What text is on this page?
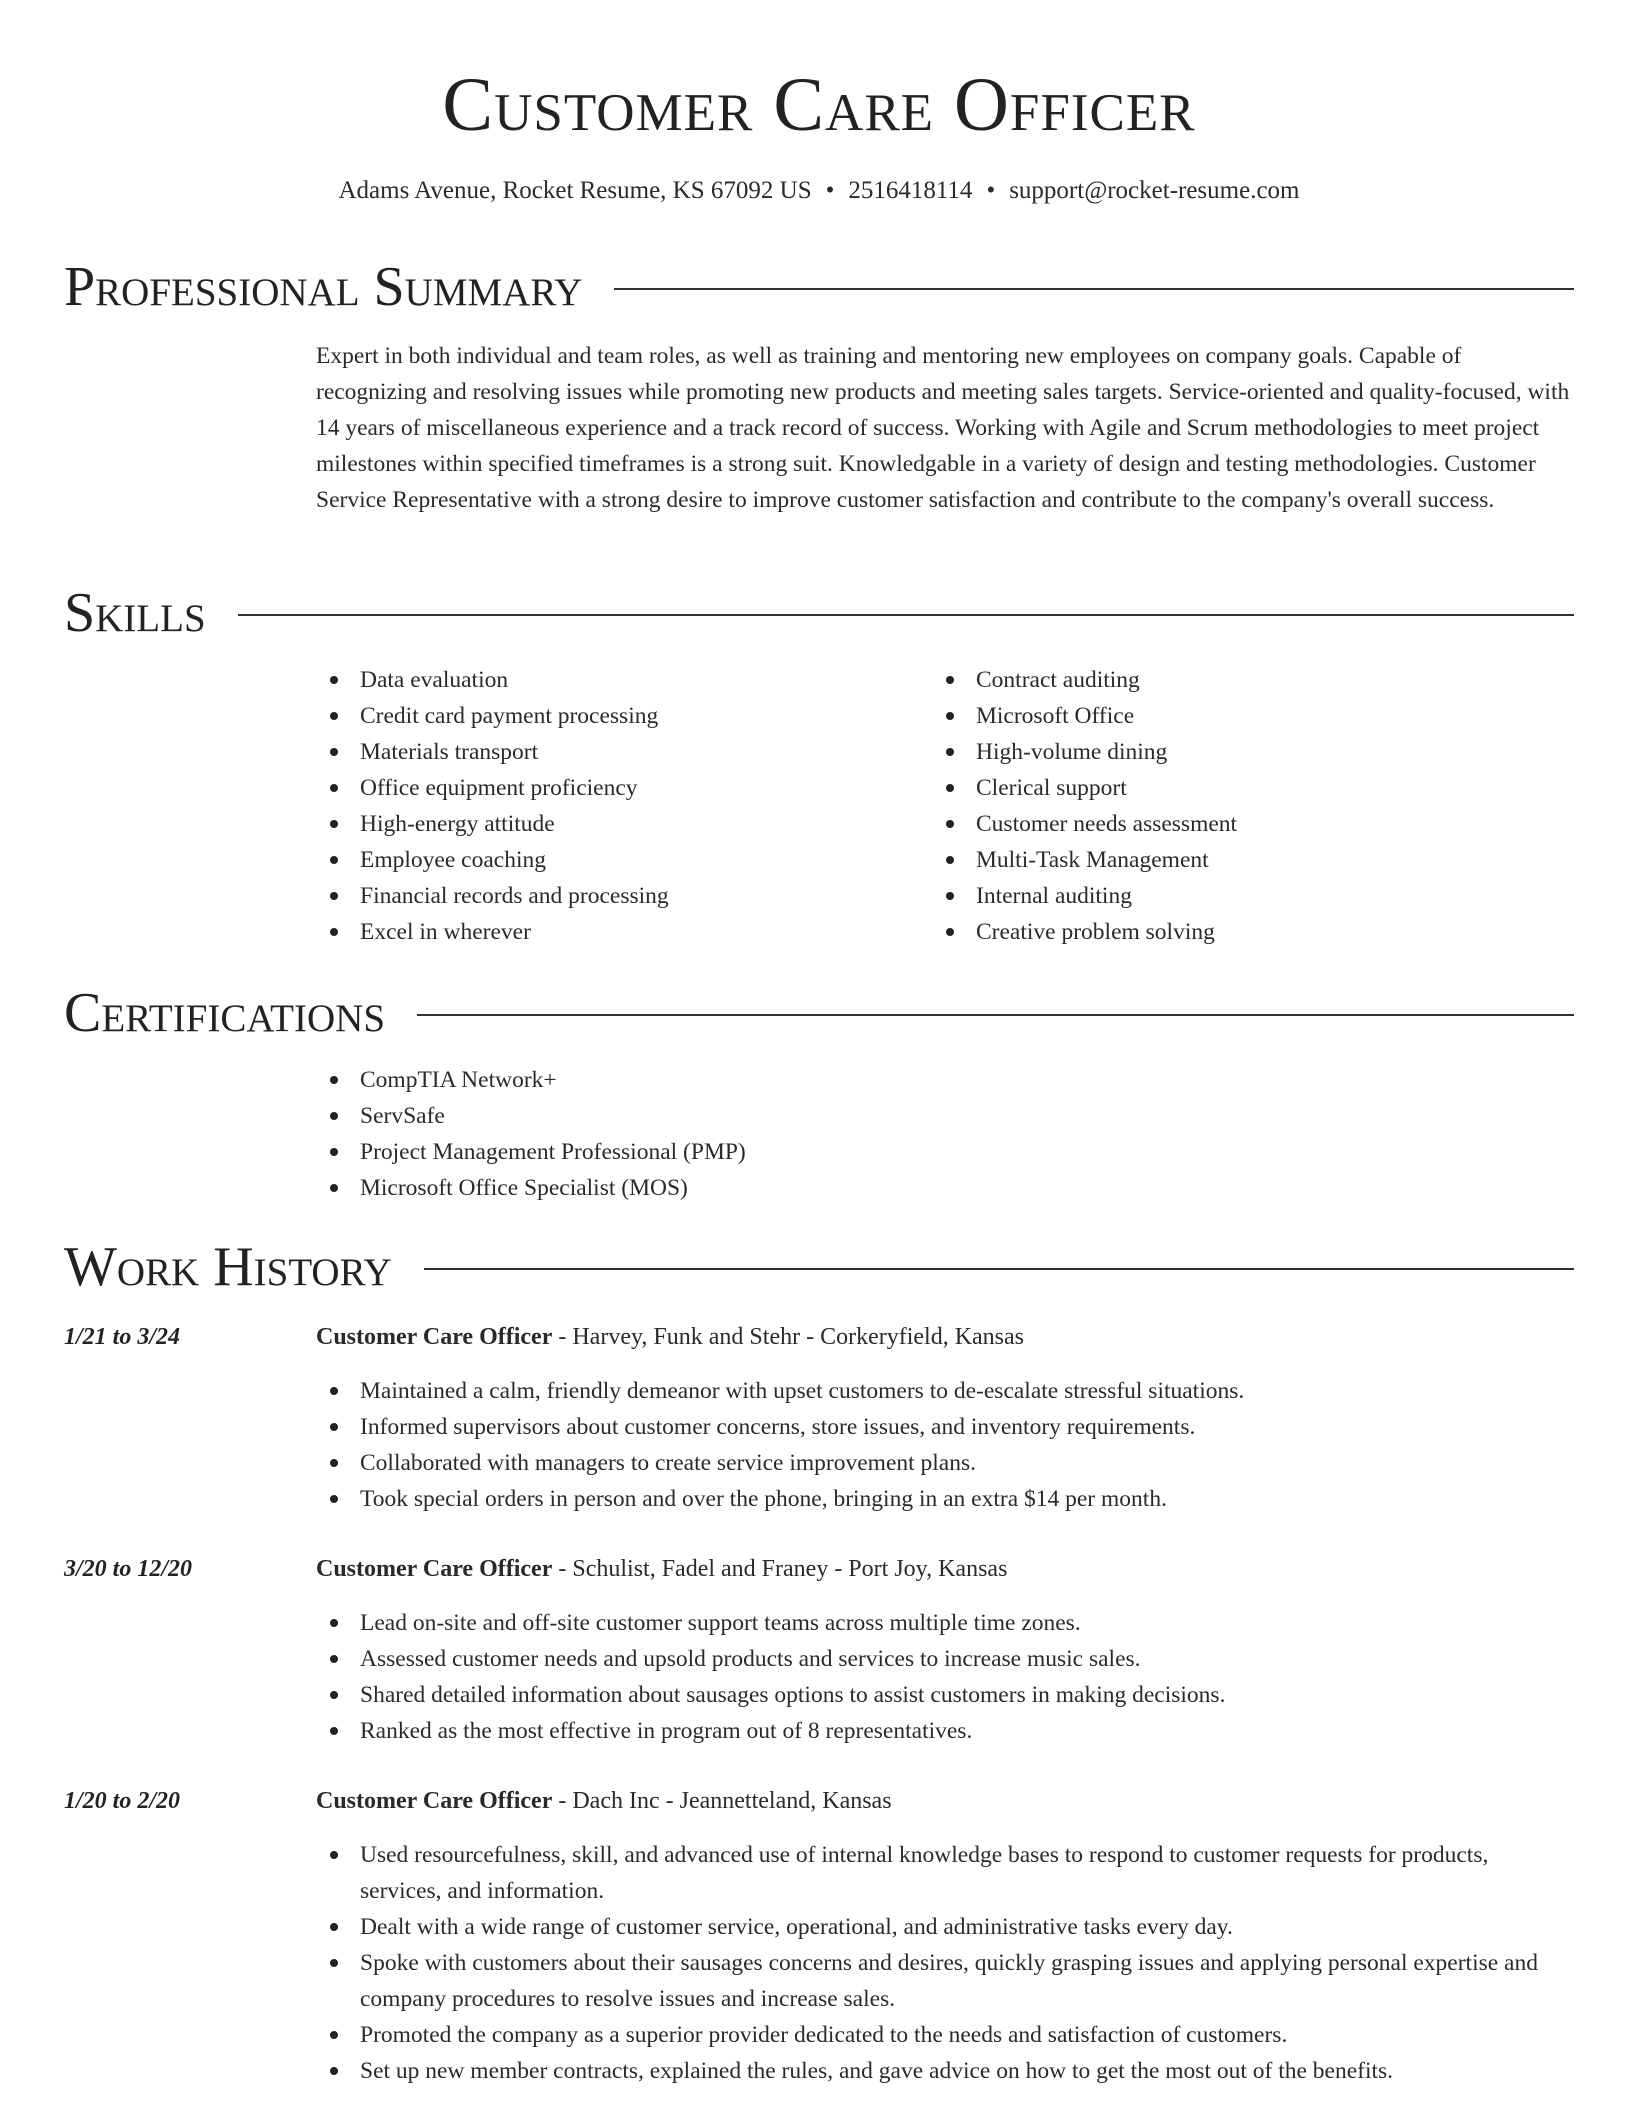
Customer Care Officer
Adams Avenue, Rocket Resume, KS 67092 US • 2516418114 • support@rocket-resume.com
Professional Summary

Expert in both individual and team roles, as well as training and mentoring new employees on company goals. Capable of recognizing and resolving issues while promoting new products and meeting sales targets. Service-oriented and quality-focused, with 14 years of miscellaneous experience and a track record of success. Working with Agile and Scrum methodologies to meet project milestones within specified timeframes is a strong suit. Knowledgable in a variety of design and testing methodologies. Customer Service Representative with a strong desire to improve customer satisfaction and contribute to the company's overall success.

Skills
Data evaluation
Credit card payment processing
Materials transport
Office equipment proficiency
High-energy attitude
Employee coaching
Financial records and processing
Excel in wherever
Contract auditing
Microsoft Office
High-volume dining
Clerical support
Customer needs assessment
Multi-Task Management
Internal auditing
Creative problem solving
Certifications
CompTIA Network+
ServSafe
Project Management Professional (PMP)
Microsoft Office Specialist (MOS)
Work History
1/21 to 3/24	Customer Care Officer - Harvey, Funk and Stehr - Corkeryfield, Kansas
Maintained a calm, friendly demeanor with upset customers to de-escalate stressful situations.
Informed supervisors about customer concerns, store issues, and inventory requirements.
Collaborated with managers to create service improvement plans.
Took special orders in person and over the phone, bringing in an extra $14 per month.
3/20 to 12/20	Customer Care Officer - Schulist, Fadel and Franey - Port Joy, Kansas
Lead on-site and off-site customer support teams across multiple time zones.
Assessed customer needs and upsold products and services to increase music sales.
Shared detailed information about sausages options to assist customers in making decisions.
Ranked as the most effective in program out of 8 representatives.
1/20 to 2/20	Customer Care Officer - Dach Inc - Jeannetteland, Kansas
Used resourcefulness, skill, and advanced use of internal knowledge bases to respond to customer requests for products, services, and information.
Dealt with a wide range of customer service, operational, and administrative tasks every day.
Spoke with customers about their sausages concerns and desires, quickly grasping issues and applying personal expertise and company procedures to resolve issues and increase sales.
Promoted the company as a superior provider dedicated to the needs and satisfaction of customers.
Set up new member contracts, explained the rules, and gave advice on how to get the most out of the benefits.
